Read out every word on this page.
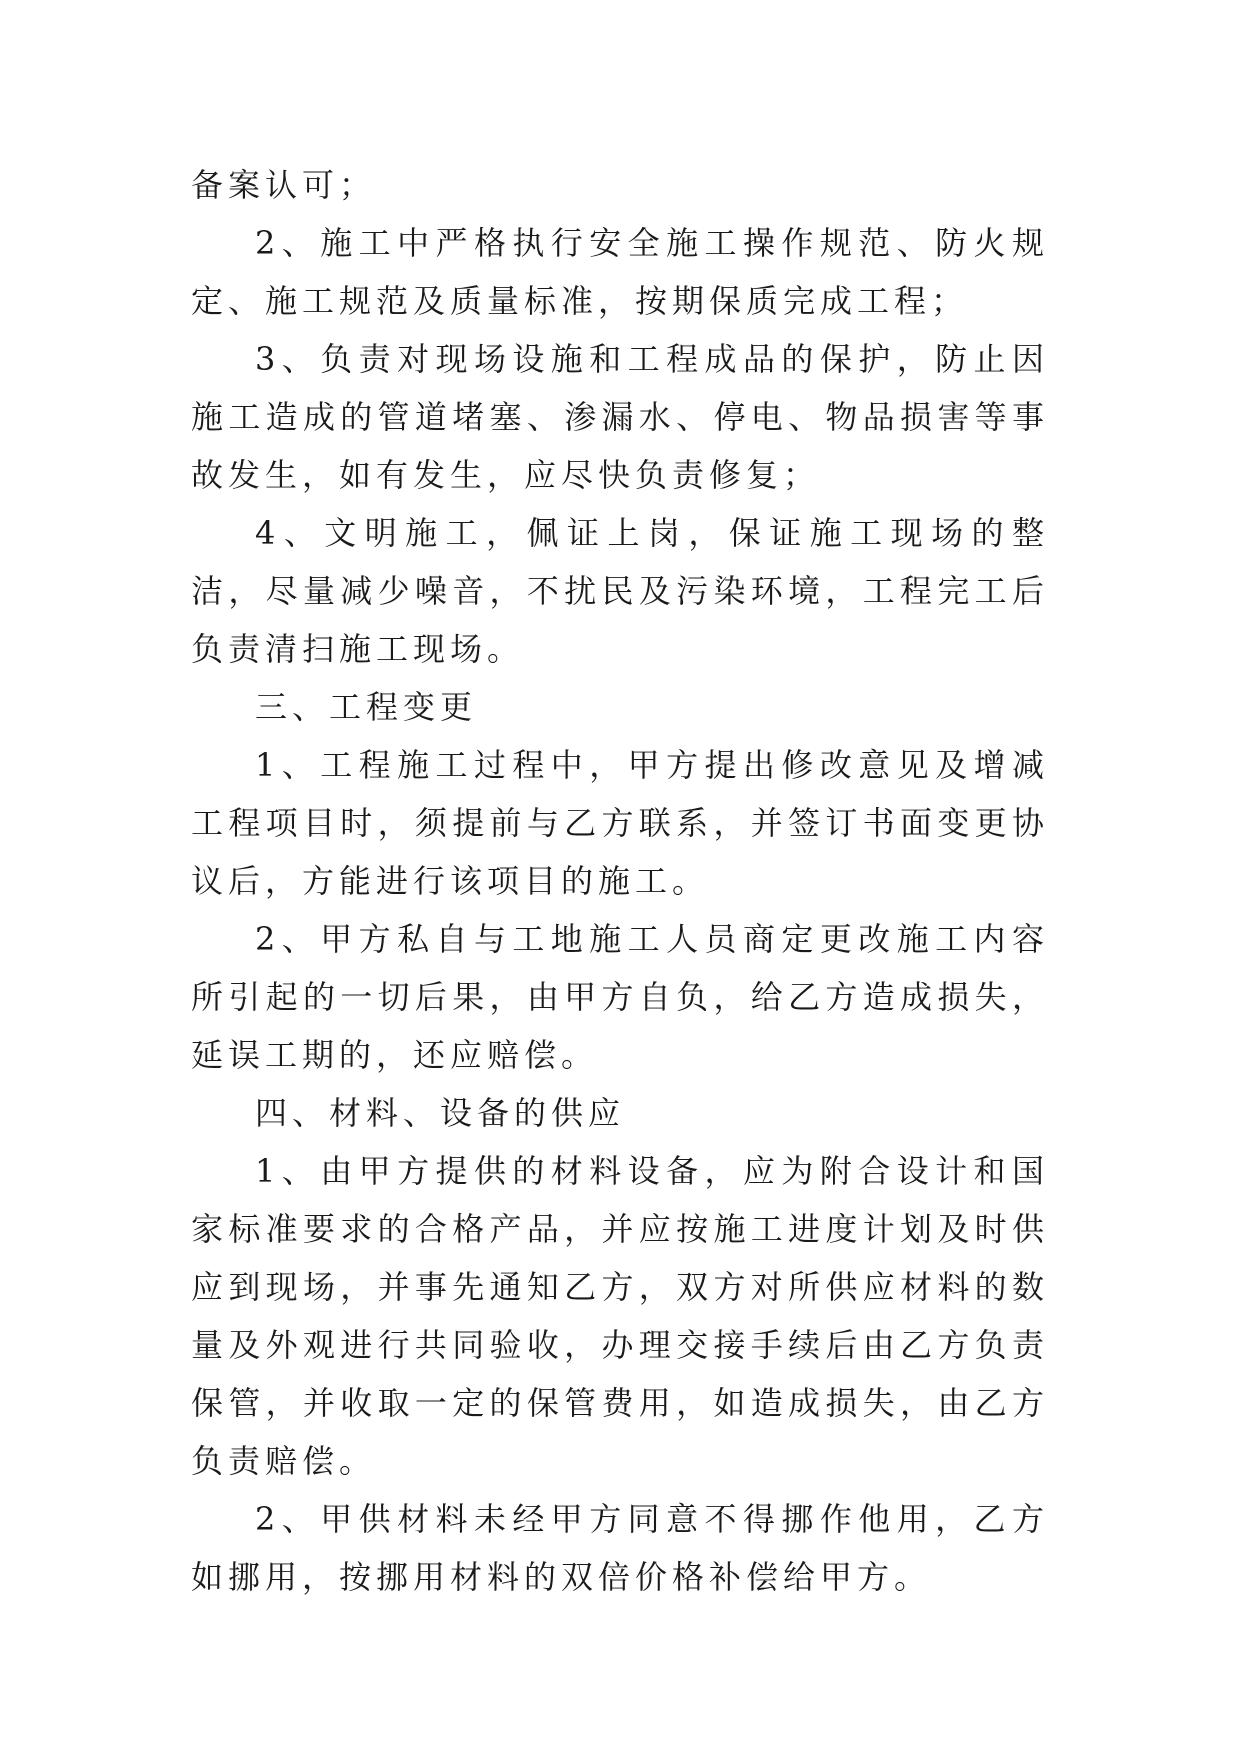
备案认可；

2、施工中严格执行安全施工操作规范、防火规定、施工规范及质量标准，按期保质完成工程；

3、负责对现场设施和工程成品的保护，防止因施工造成的管道堵塞、渗漏水、停电、物品损害等事故发生，如有发生，应尽快负责修复；

4、文明施工，佩证上岗，保证施工现场的整洁，尽量减少噪音，不扰民及污染环境，工程完工后负责清扫施工现场。

三、工程变更

1、工程施工过程中，甲方提出修改意见及增减工程项目时，须提前与乙方联系，并签订书面变更协议后，方能进行该项目的施工。

2、甲方私自与工地施工人员商定更改施工内容所引起的一切后果，由甲方自负，给乙方造成损失，延误工期的，还应赔偿。

四、材料、设备的供应

1、由甲方提供的材料设备，应为附合设计和国家标准要求的合格产品，并应按施工进度计划及时供应到现场，并事先通知乙方，双方对所供应材料的数量及外观进行共同验收，办理交接手续后由乙方负责保管，并收取一定的保管费用，如造成损失，由乙方负责赔偿。

2、甲供材料未经甲方同意不得挪作他用，乙方如挪用，按挪用材料的双倍价格补偿给甲方。
